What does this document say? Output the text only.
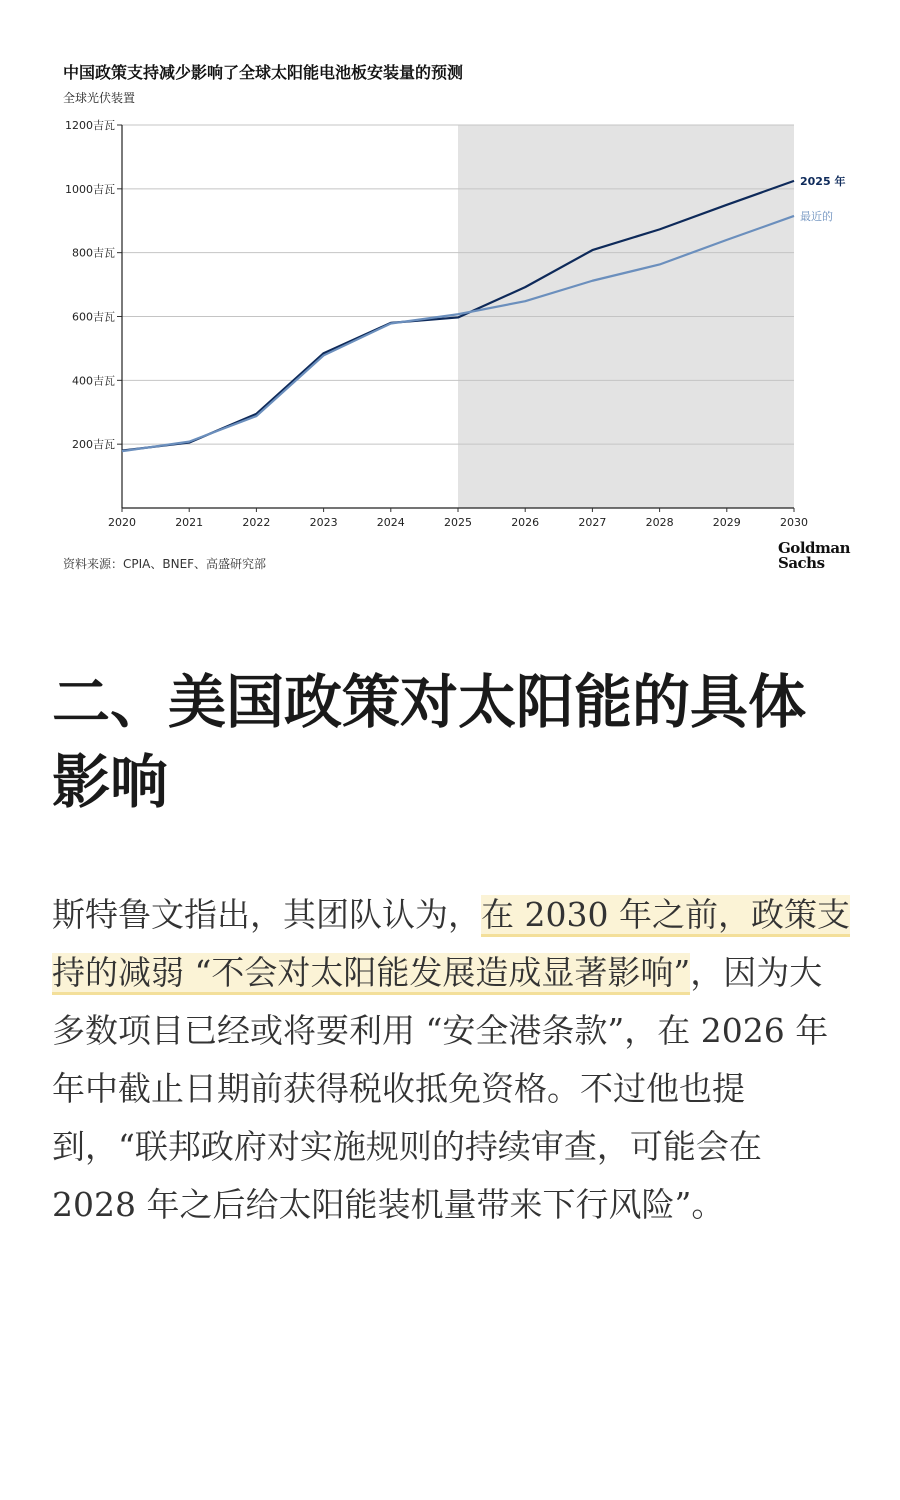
中国政策支持减少影响了全球太阳能电池板安装量的预测
全球光伏装置
200吉瓦
400吉瓦
600吉瓦
800吉瓦
1000吉瓦
1200吉瓦
2020	2021	2022	2023	2024	2025	2026	2027	2028	2029	2030
2025 年
最近的
资料来源：CPIA、BNEF、高盛研究部
Goldman
Sachs
二、美国政策对太阳能的具体影响

斯特鲁文指出，其团队认为，在 2030 年之前，政策支持的减弱 “不会对太阳能发展造成显著影响”，因为大多数项目已经或将要利用 “安全港条款”，在 2026 年年中截止日期前获得税收抵免资格。不过他也提到，“联邦政府对实施规则的持续审查，可能会在 2028 年之后给太阳能装机量带来下行风险”。
